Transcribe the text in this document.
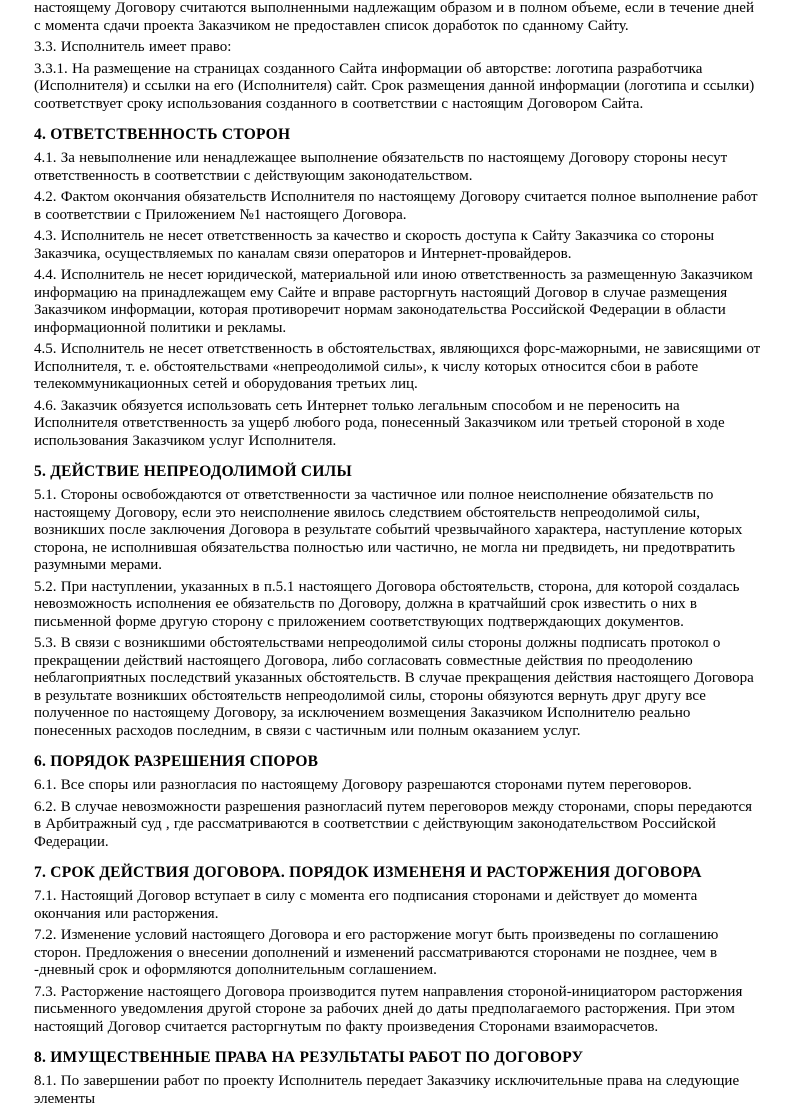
настоящему Договору считаются выполненными надлежащим образом и в полном объеме, если в течение дней с момента сдачи проекта Заказчиком не предоставлен список доработок по сданному Сайту.

3.3. Исполнитель имеет право:

3.3.1. На размещение на страницах созданного Сайта информации об авторстве: логотипа разработчика (Исполнителя) и ссылки на его (Исполнителя) сайт. Срок размещения данной информации (логотипа и ссылки) соответствует сроку использования созданного в соответствии с настоящим Договором Сайта.

4. ОТВЕТСТВЕННОСТЬ СТОРОН

4.1. За невыполнение или ненадлежащее выполнение обязательств по настоящему Договору стороны несут ответственность в соответствии с действующим законодательством.

4.2. Фактом окончания обязательств Исполнителя по настоящему Договору считается полное выполнение работ в соответствии с Приложением №1 настоящего Договора.

4.3. Исполнитель не несет ответственность за качество и скорость доступа к Сайту Заказчика со стороны Заказчика, осуществляемых по каналам связи операторов и Интернет-провайдеров.

4.4. Исполнитель не несет юридической, материальной или иною ответственность за размещенную Заказчиком информацию на принадлежащем ему Сайте и вправе расторгнуть настоящий Договор в случае размещения Заказчиком информации, которая противоречит нормам законодательства Российской Федерации в области информационной политики и рекламы.

4.5. Исполнитель не несет ответственность в обстоятельствах, являющихся форс-мажорными, не зависящими от Исполнителя, т. е. обстоятельствами «непреодолимой силы», к числу которых относится сбои в работе телекоммуникационных сетей и оборудования третьих лиц.

4.6. Заказчик обязуется использовать сеть Интернет только легальным способом и не переносить на Исполнителя ответственность за ущерб любого рода, понесенный Заказчиком или третьей стороной в ходе использования Заказчиком услуг Исполнителя.

5. ДЕЙСТВИЕ НЕПРЕОДОЛИМОЙ СИЛЫ

5.1. Стороны освобождаются от ответственности за частичное или полное неисполнение обязательств по настоящему Договору, если это неисполнение явилось следствием обстоятельств непреодолимой силы, возникших после заключения Договора в результате событий чрезвычайного характера, наступление которых сторона, не исполнившая обязательства полностью или частично, не могла ни предвидеть, ни предотвратить разумными мерами.

5.2. При наступлении, указанных в п.5.1 настоящего Договора обстоятельств, сторона, для которой создалась невозможность исполнения ее обязательств по Договору, должна в кратчайший срок известить о них в письменной форме другую сторону с приложением соответствующих подтверждающих документов.

5.3. В связи с возникшими обстоятельствами непреодолимой силы стороны должны подписать протокол о прекращении действий настоящего Договора, либо согласовать совместные действия по преодолению неблагоприятных последствий указанных обстоятельств. В случае прекращения действия настоящего Договора в результате возникших обстоятельств непреодолимой силы, стороны обязуются вернуть друг другу все полученное по настоящему Договору, за исключением возмещения Заказчиком Исполнителю реально понесенных расходов последним, в связи с частичным или полным оказанием услуг.

6. ПОРЯДОК РАЗРЕШЕНИЯ СПОРОВ

6.1. Все споры или разногласия по настоящему Договору разрешаются сторонами путем переговоров.

6.2. В случае невозможности разрешения разногласий путем переговоров между сторонами, споры передаются в Арбитражный суд , где рассматриваются в соответствии с действующим законодательством Российской Федерации.

7. СРОК ДЕЙСТВИЯ ДОГОВОРА. ПОРЯДОК ИЗМЕНЕНЯ И РАСТОРЖЕНИЯ ДОГОВОРА

7.1. Настоящий Договор вступает в силу с момента его подписания сторонами и действует до момента окончания или расторжения.

7.2. Изменение условий настоящего Договора и его расторжение могут быть произведены по соглашению сторон. Предложения о внесении дополнений и изменений рассматриваются сторонами не позднее, чем в -дневный срок и оформляются дополнительным соглашением.

7.3. Расторжение настоящего Договора производится путем направления стороной-инициатором расторжения письменного уведомления другой стороне за рабочих дней до даты предполагаемого расторжения. При этом настоящий Договор считается расторгнутым по факту произведения Сторонами взаиморасчетов.

8. ИМУЩЕСТВЕННЫЕ ПРАВА НА РЕЗУЛЬТАТЫ РАБОТ ПО ДОГОВОРУ

8.1. По завершении работ по проекту Исполнитель передает Заказчику исключительные права на следующие элементы
